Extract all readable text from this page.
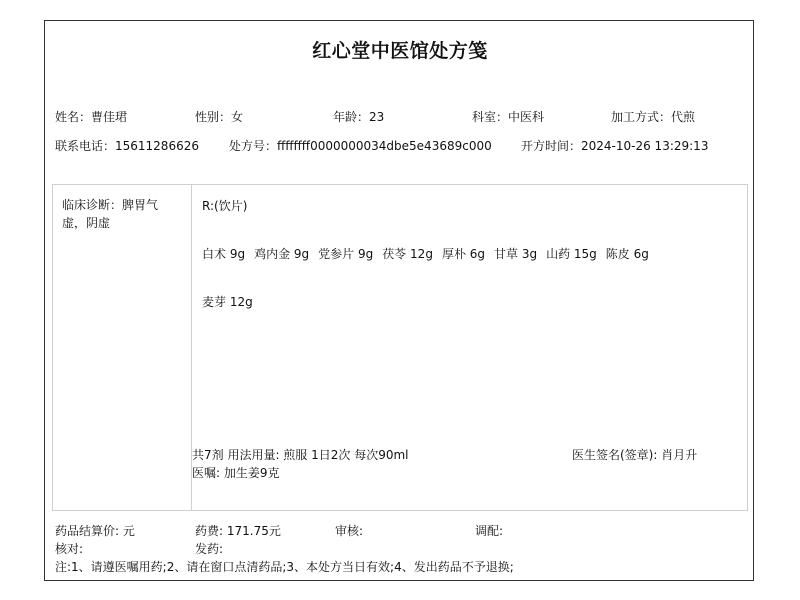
红心堂中医馆处方笺
姓名：曹佳珺	性别：女	年龄：23	科室：中医科	加工方式：代煎
联系电话：15611286626	处方号：ffffffff0000000034dbe5e43689c000 开方时间：2024-10-26 13:29:13
临床诊断：脾胃气虚，阴虚
R:(饮片)
白术 9g 鸡内金 9g 党参片 9g 茯苓 12g 厚朴 6g 甘草 3g 山药 15g 陈皮 6g
麦芽 12g
共7剂 用法用量: 煎服 1日2次 每次90ml
医嘱: 加生姜9克
医生签名(签章): 肖月升
药品结算价: 元	药费: 171.75元	审核:	调配:
核对:	发药:
注:1、请遵医嘱用药;2、请在窗口点清药品;3、本处方当日有效;4、发出药品不予退换;
